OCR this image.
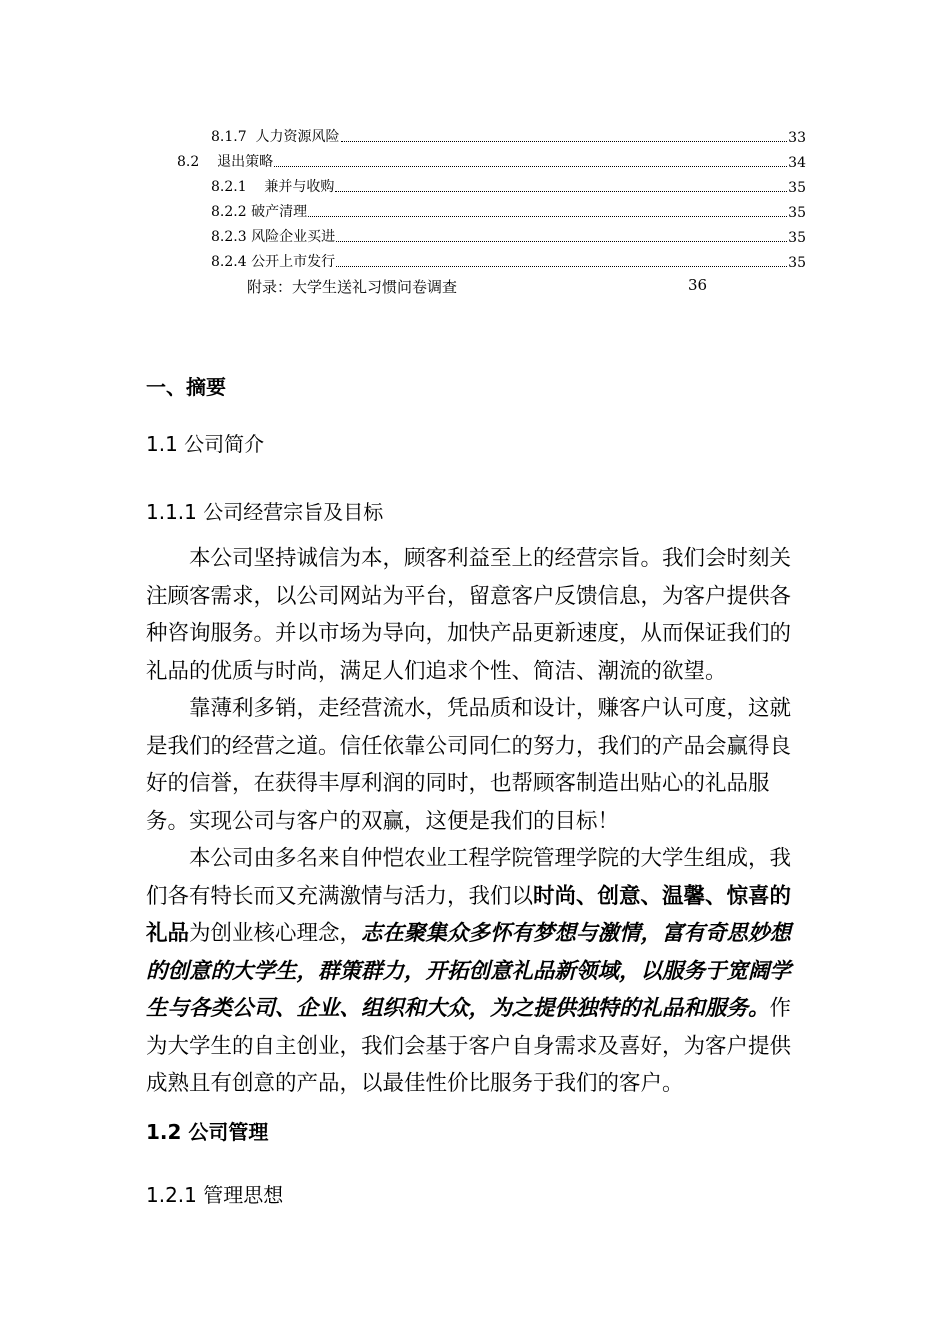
8.1.7  人力资源风险	33
8.2    退出策略	34
8.2.1    兼并与收购	35
8.2.2 破产清理	35
8.2.3 风险企业买进	35
8.2.4 公开上市发行	35
附录：大学生送礼习惯问卷调查	36
一、摘要
1.1 公司简介
1.1.1 公司经营宗旨及目标

本公司坚持诚信为本，顾客利益至上的经营宗旨。我们会时刻关注顾客需求，以公司网站为平台，留意客户反馈信息，为客户提供各种咨询服务。并以市场为导向，加快产品更新速度，从而保证我们的礼品的优质与时尚，满足人们追求个性、简洁、潮流的欲望。

靠薄利多销，走经营流水，凭品质和设计，赚客户认可度，这就是我们的经营之道。信任依靠公司同仁的努力，我们的产品会赢得良好的信誉，在获得丰厚利润的同时，也帮顾客制造出贴心的礼品服务。实现公司与客户的双赢，这便是我们的目标！

本公司由多名来自仲恺农业工程学院管理学院的大学生组成，我们各有特长而又充满激情与活力，我们以时尚、创意、温馨、惊喜的礼品为创业核心理念，志在聚集众多怀有梦想与激情，富有奇思妙想的创意的大学生，群策群力，开拓创意礼品新领域，以服务于宽阔学生与各类公司、企业、组织和大众，为之提供独特的礼品和服务。作为大学生的自主创业，我们会基于客户自身需求及喜好，为客户提供成熟且有创意的产品，以最佳性价比服务于我们的客户。

1.2 公司管理
1.2.1 管理思想
